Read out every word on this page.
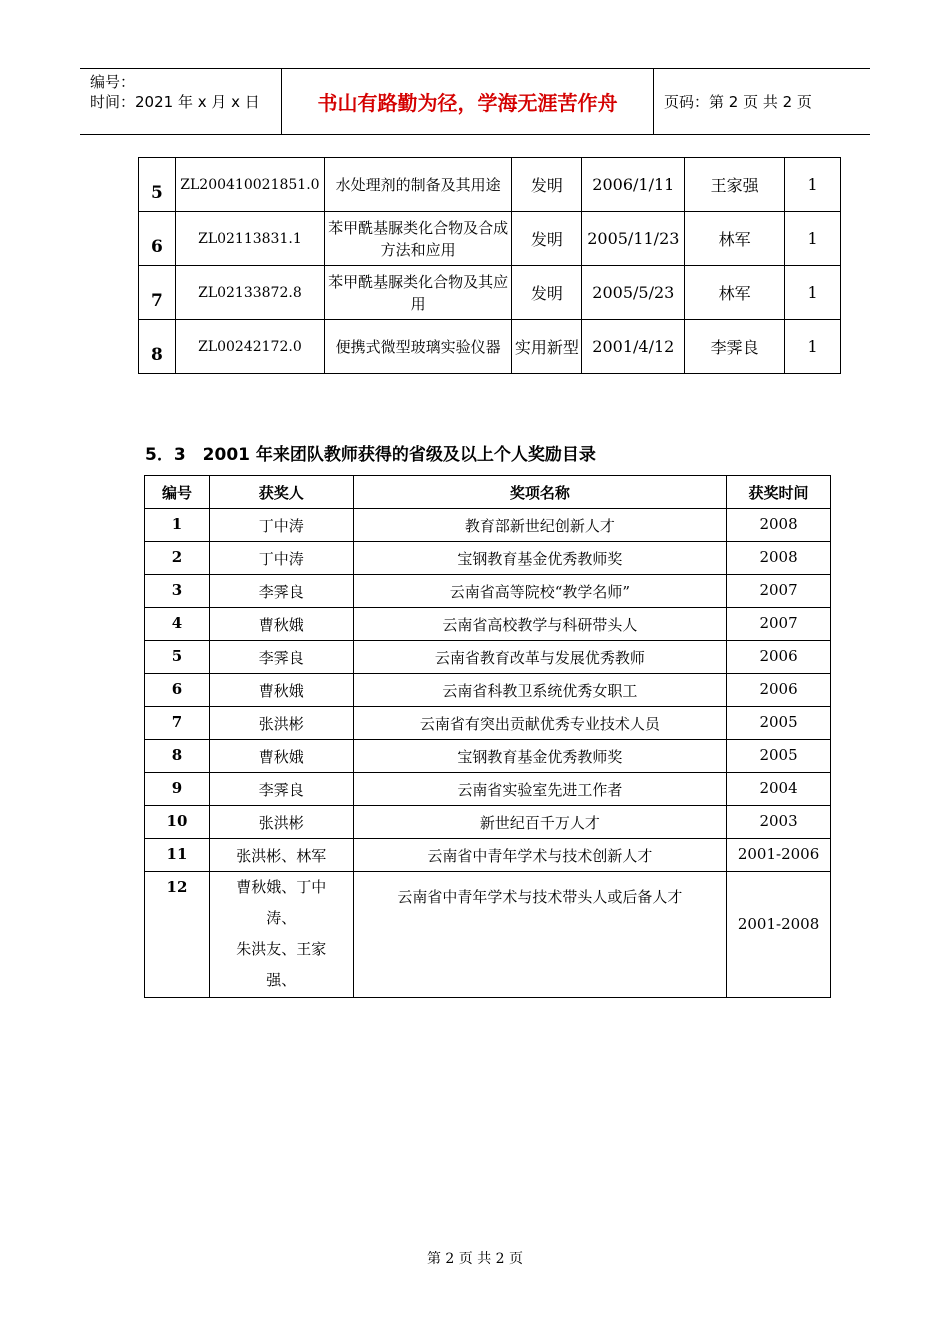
编号：
时间：2021 年 x 月 x 日	书山有路勤为径，学海无涯苦作舟	页码：第 2 页 共 2 页
5	ZL200410021851.0	水处理剂的制备及其用途	发明	2006/1/11	王家强	1
6	ZL02113831.1	苯甲酰基脲类化合物及合成方法和应用	发明	2005/11/23	林军	1
7	ZL02133872.8	苯甲酰基脲类化合物及其应用	发明	2005/5/23	林军	1
8	ZL00242172.0	便携式微型玻璃实验仪器	实用新型	2001/4/12	李霁良	1
5．3　2001 年来团队教师获得的省级及以上个人奖励目录
编号	获奖人	奖项名称	获奖时间
1	丁中涛	教育部新世纪创新人才	2008
2	丁中涛	宝钢教育基金优秀教师奖	2008
3	李霁良	云南省高等院校“教学名师”	2007
4	曹秋娥	云南省高校教学与科研带头人	2007
5	李霁良	云南省教育改革与发展优秀教师	2006
6	曹秋娥	云南省科教卫系统优秀女职工	2006
7	张洪彬	云南省有突出贡献优秀专业技术人员	2005
8	曹秋娥	宝钢教育基金优秀教师奖	2005
9	李霁良	云南省实验室先进工作者	2004
10	张洪彬	新世纪百千万人才	2003
11	张洪彬、林军	云南省中青年学术与技术创新人才	2001-2006
12	曹秋娥、丁中
涛、
朱洪友、王家
强、	云南省中青年学术与技术带头人或后备人才	2001-2008
第 2 页 共 2 页
